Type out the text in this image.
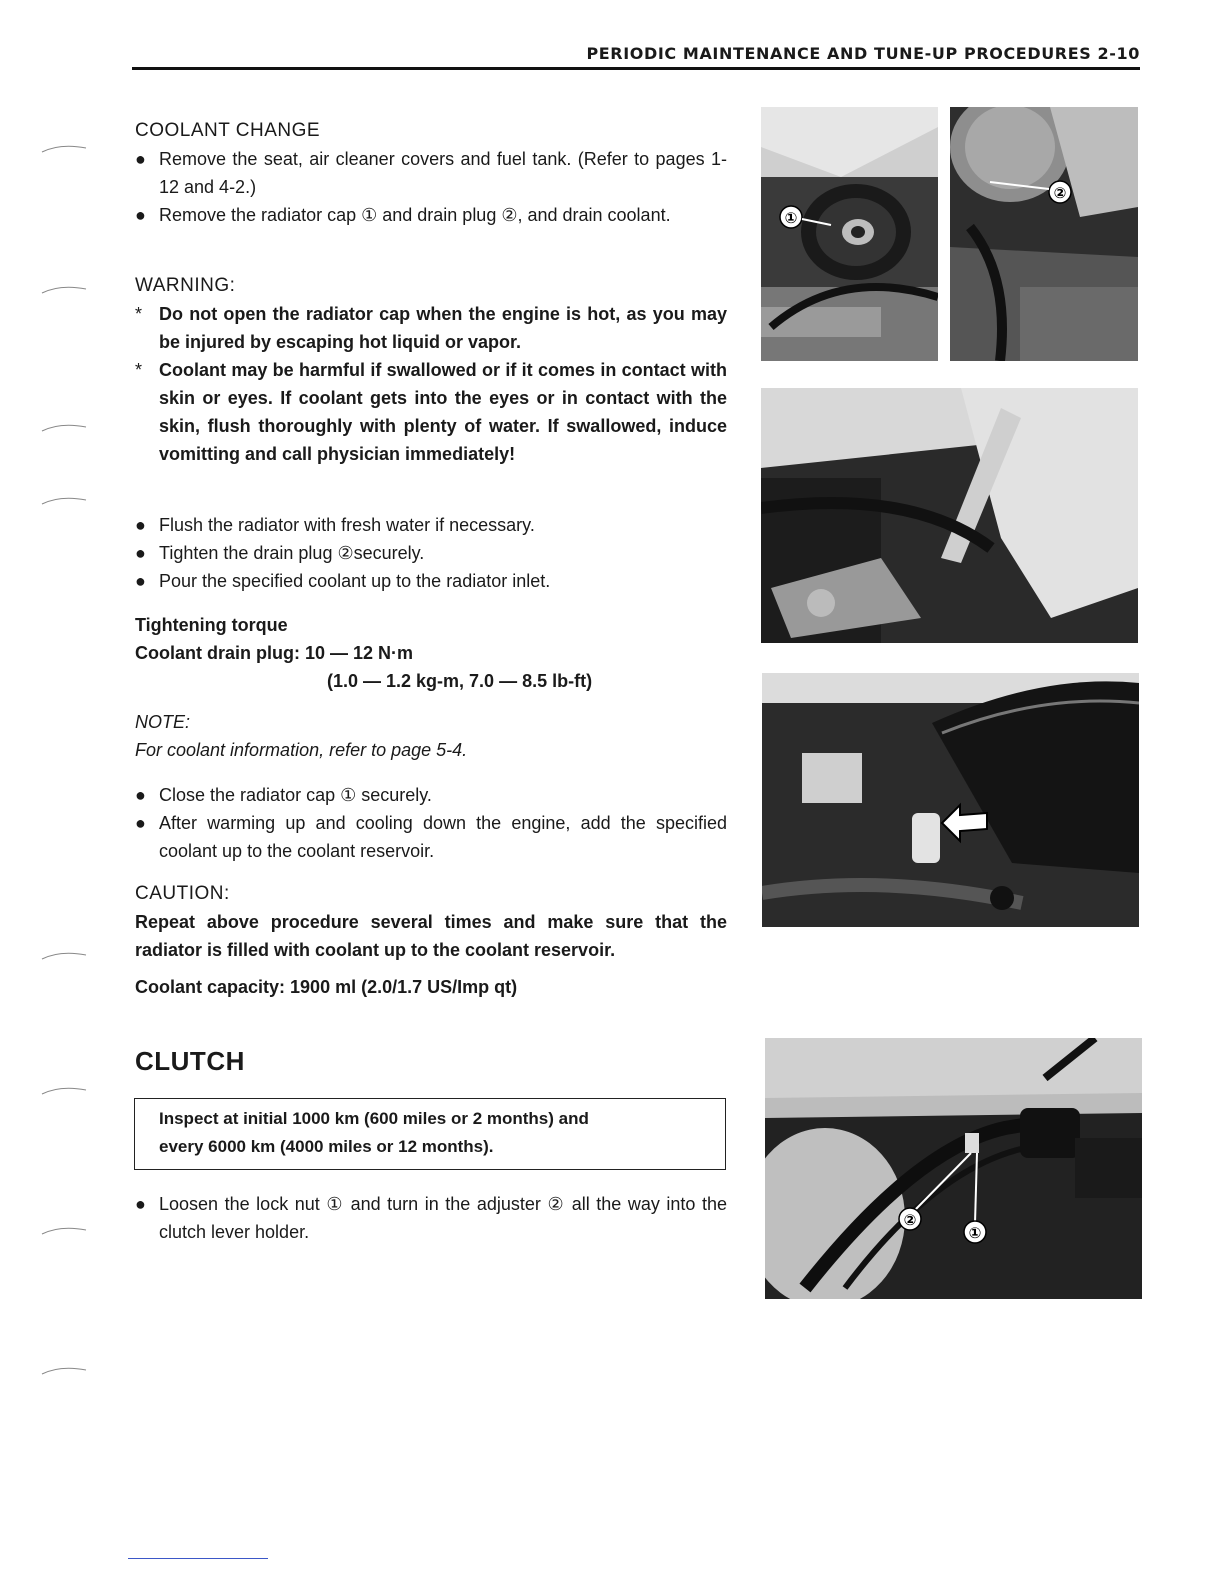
PERIODIC MAINTENANCE AND TUNE-UP PROCEDURES 2-10
COOLANT CHANGE
● Remove the seat, air cleaner covers and fuel tank. (Refer to pages 1-12 and 4-2.)
● Remove the radiator cap ① and drain plug ②, and drain coolant.
WARNING:
* Do not open the radiator cap when the engine is hot, as you may be injured by escaping hot liquid or vapor.
* Coolant may be harmful if swallowed or if it comes in contact with skin or eyes. If coolant gets into the eyes or in contact with the skin, flush thoroughly with plenty of water. If swallowed, induce vomitting and call physician immediately!
● Flush the radiator with fresh water if necessary.
● Tighten the drain plug ②securely.
● Pour the specified coolant up to the radiator inlet.
Tightening torque
Coolant drain plug: 10 — 12 N·m
(1.0 — 1.2 kg-m, 7.0 — 8.5 lb-ft)
NOTE:
For coolant information, refer to page 5-4.
● Close the radiator cap ① securely.
● After warming up and cooling down the engine, add the specified coolant up to the coolant reservoir.
CAUTION:
Repeat above procedure several times and make sure that the radiator is filled with coolant up to the coolant reservoir.
Coolant capacity: 1900 ml (2.0/1.7 US/Imp qt)
CLUTCH
Inspect at initial 1000 km (600 miles or 2 months) and
every 6000 km (4000 miles or 12 months).
● Loosen the lock nut ① and turn in the adjuster ② all the way into the clutch lever holder.
①
②
②
①
